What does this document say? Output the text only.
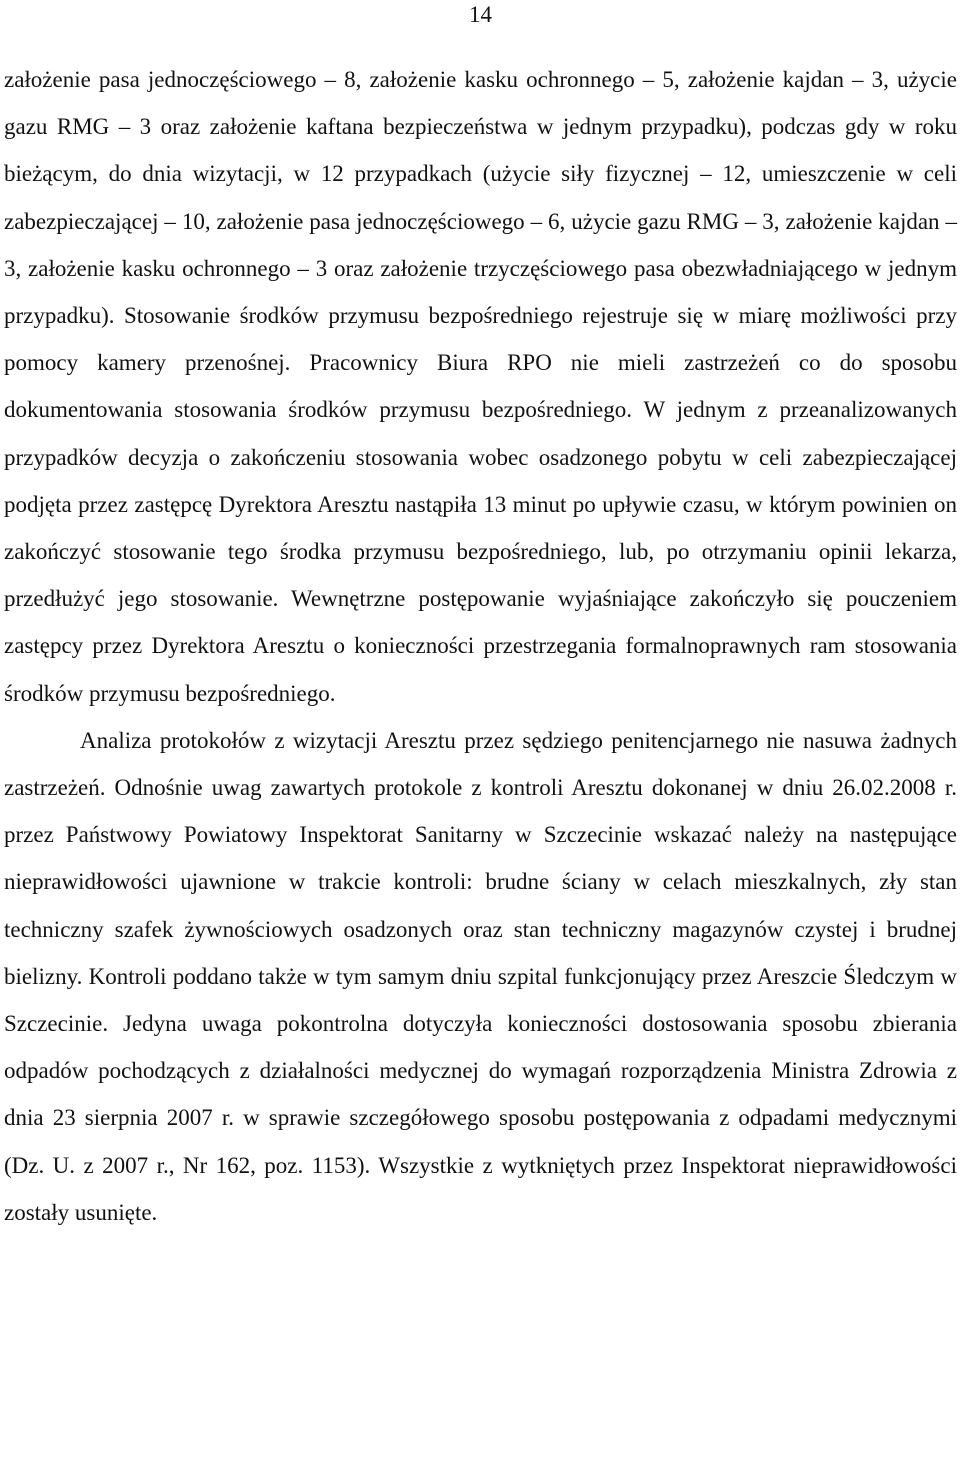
14

założenie pasa jednoczęściowego – 8, założenie kasku ochronnego – 5, założenie kajdan – 3, użycie gazu RMG – 3 oraz założenie kaftana bezpieczeństwa w jednym przypadku), podczas gdy w roku bieżącym, do dnia wizytacji, w 12 przypadkach (użycie siły fizycznej – 12, umieszczenie w celi zabezpieczającej – 10, założenie pasa jednoczęściowego – 6, użycie gazu RMG – 3, założenie kajdan – 3, założenie kasku ochronnego – 3 oraz założenie trzyczęściowego pasa obezwładniającego w jednym przypadku). Stosowanie środków przymusu bezpośredniego rejestruje się w miarę możliwości przy pomocy kamery przenośnej. Pracownicy Biura RPO nie mieli zastrzeżeń co do sposobu dokumentowania stosowania środków przymusu bezpośredniego. W jednym z przeanalizowanych przypadków decyzja o zakończeniu stosowania wobec osadzonego pobytu w celi zabezpieczającej podjęta przez zastępcę Dyrektora Aresztu nastąpiła 13 minut po upływie czasu, w którym powinien on zakończyć stosowanie tego środka przymusu bezpośredniego, lub, po otrzymaniu opinii lekarza, przedłużyć jego stosowanie. Wewnętrzne postępowanie wyjaśniające zakończyło się pouczeniem zastępcy przez Dyrektora Aresztu o konieczności przestrzegania formalnoprawnych ram stosowania środków przymusu bezpośredniego.

Analiza protokołów z wizytacji Aresztu przez sędziego penitencjarnego nie nasuwa żadnych zastrzeżeń. Odnośnie uwag zawartych protokole z kontroli Aresztu dokonanej w dniu 26.02.2008 r. przez Państwowy Powiatowy Inspektorat Sanitarny w Szczecinie wskazać należy na następujące nieprawidłowości ujawnione w trakcie kontroli: brudne ściany w celach mieszkalnych, zły stan techniczny szafek żywnościowych osadzonych oraz stan techniczny magazynów czystej i brudnej bielizny. Kontroli poddano także w tym samym dniu szpital funkcjonujący przez Areszcie Śledczym w Szczecinie. Jedyna uwaga pokontrolna dotyczyła konieczności dostosowania sposobu zbierania odpadów pochodzących z działalności medycznej do wymagań rozporządzenia Ministra Zdrowia z dnia 23 sierpnia 2007 r. w sprawie szczegółowego sposobu postępowania z odpadami medycznymi (Dz. U. z 2007 r., Nr 162, poz. 1153). Wszystkie z wytkniętych przez Inspektorat nieprawidłowości zostały usunięte.
